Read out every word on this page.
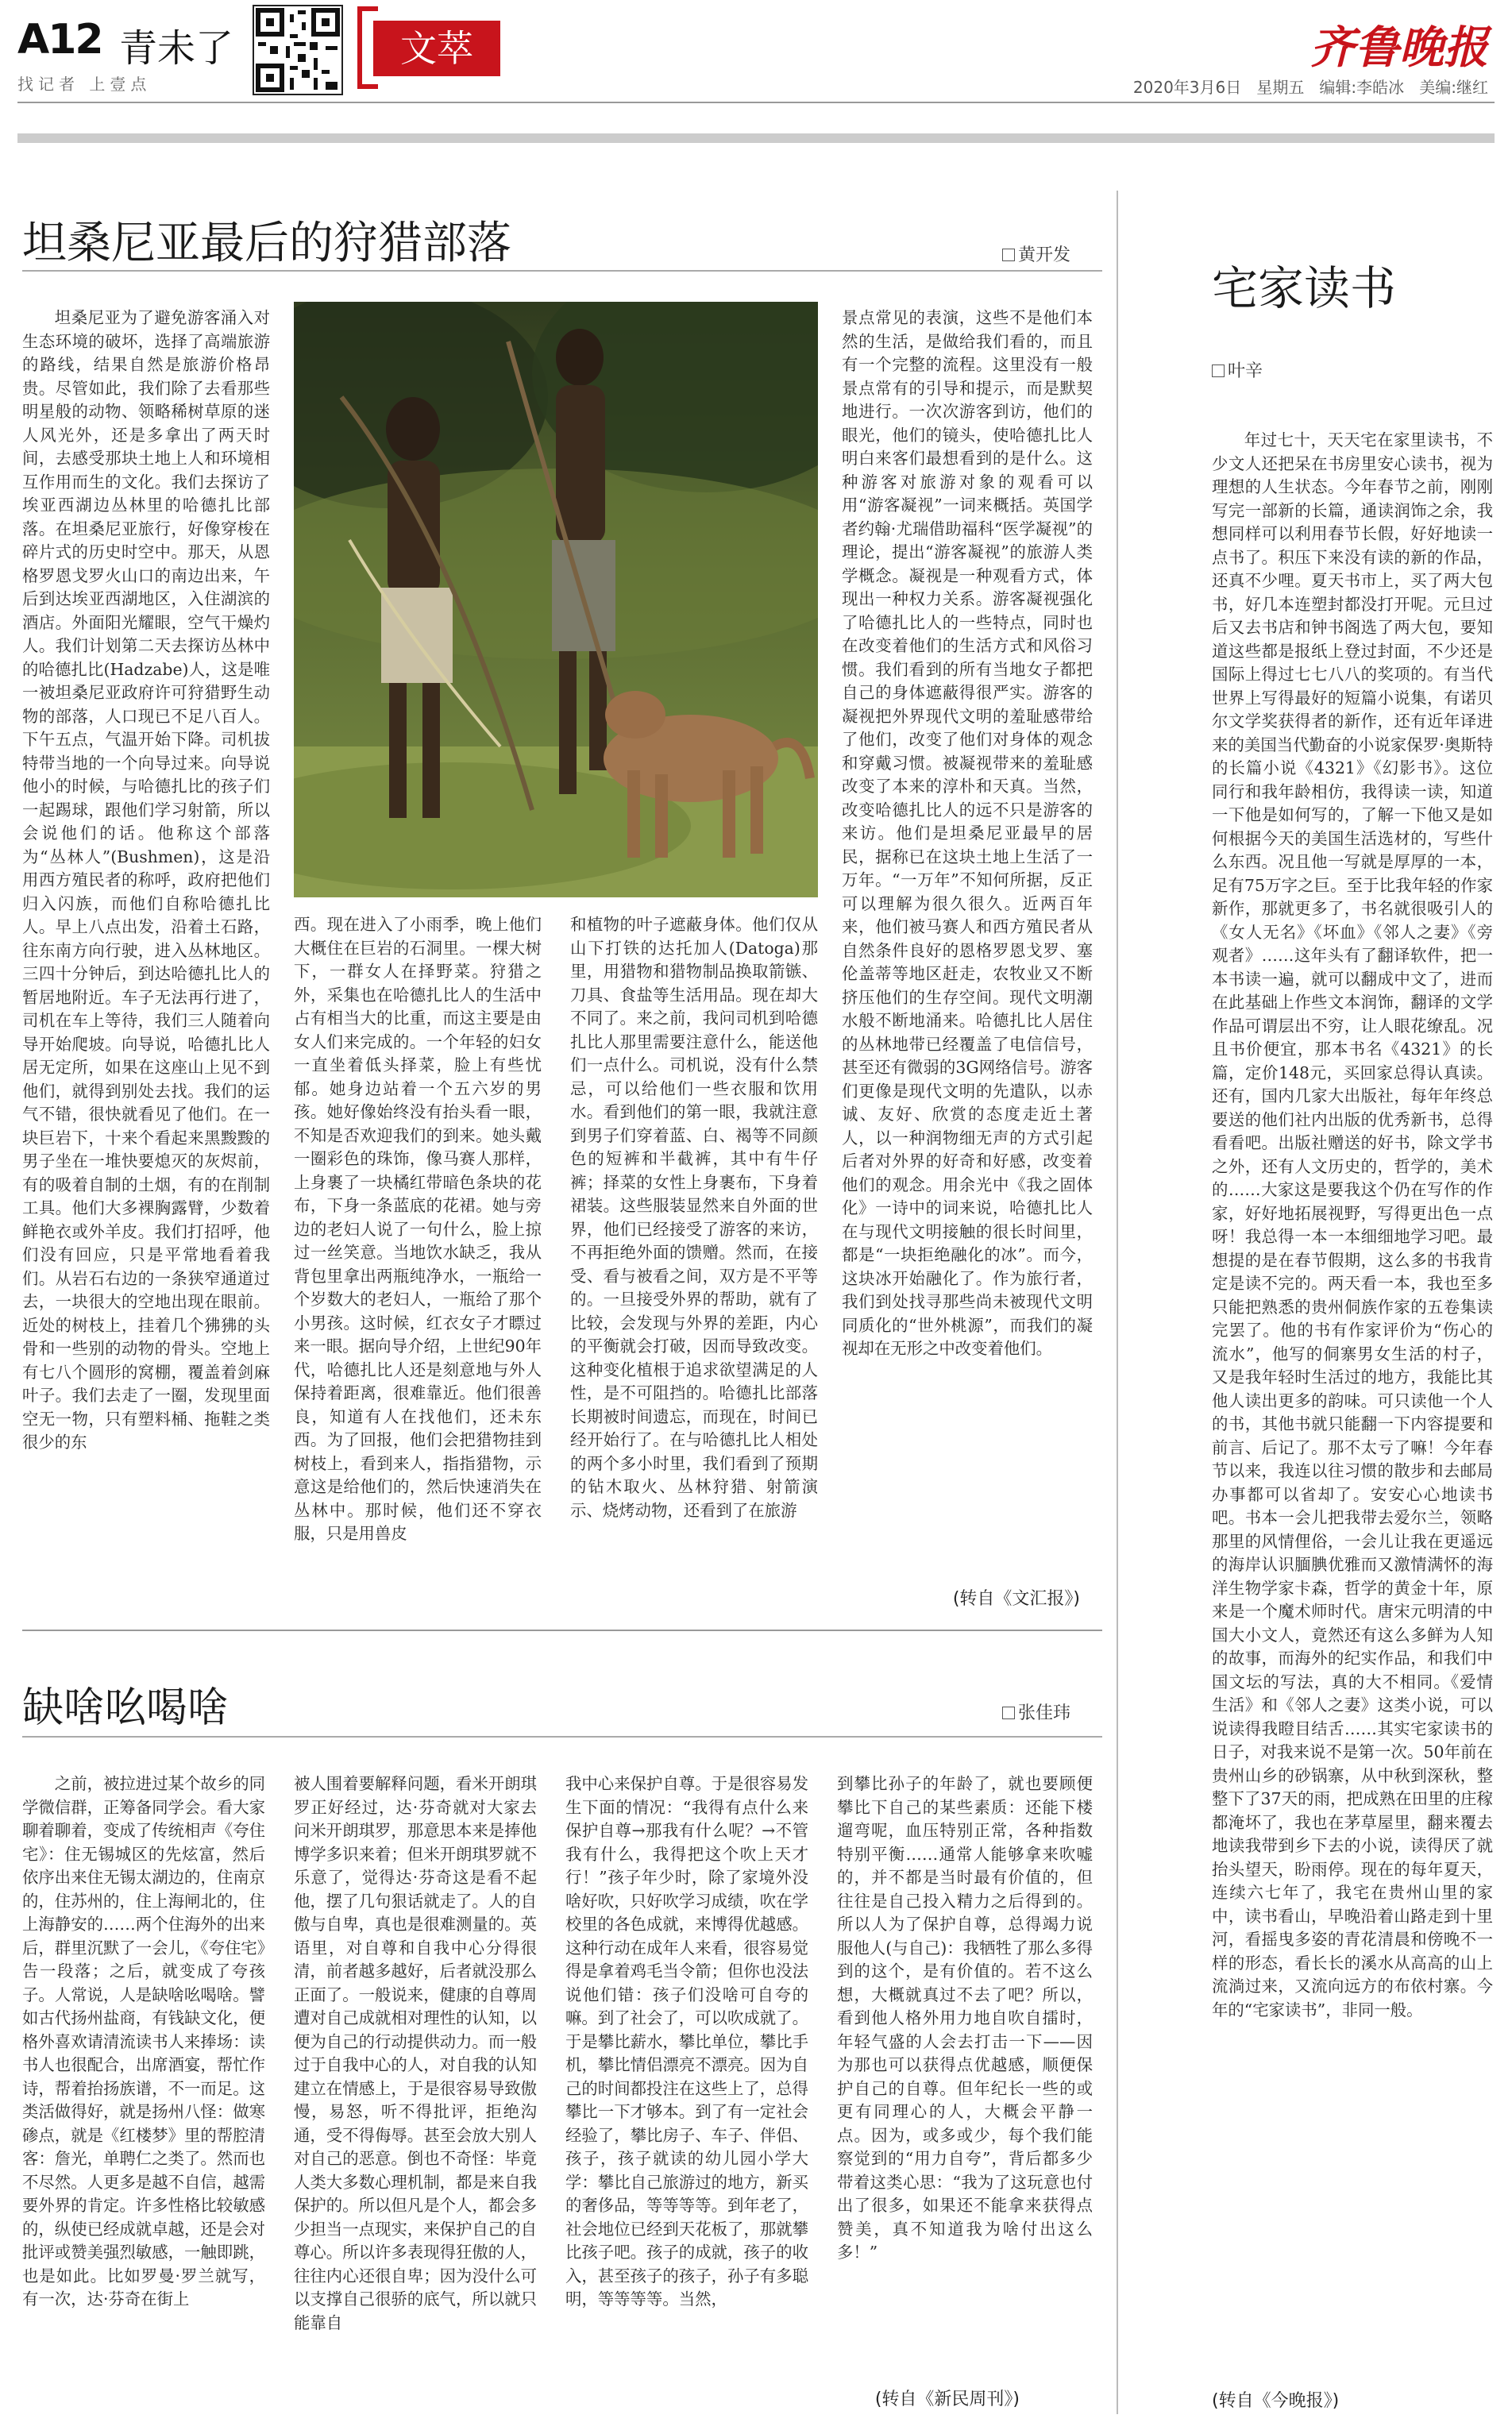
A12 青未了	文萃
找记者 上壹点
齐鲁晚报
2020年3月6日 星期五 编辑:李皓冰 美编:继红
坦桑尼亚最后的狩猎部落	黄开发

坦桑尼亚为了避免游客涌入对生态环境的破坏，选择了高端旅游的路线，结果自然是旅游价格昂贵。尽管如此，我们除了去看那些明星般的动物、领略稀树草原的迷人风光外，还是多拿出了两天时间，去感受那块土地上人和环境相互作用而生的文化。我们去探访了埃亚西湖边丛林里的哈德扎比部落。在坦桑尼亚旅行，好像穿梭在碎片式的历史时空中。那天，从恩格罗恩戈罗火山口的南边出来，午后到达埃亚西湖地区，入住湖滨的酒店。外面阳光耀眼，空气干燥灼人。我们计划第二天去探访丛林中的哈德扎比(Hadzabe)人，这是唯一被坦桑尼亚政府许可狩猎野生动物的部落，人口现已不足八百人。下午五点，气温开始下降。司机拔特带当地的一个向导过来。向导说他小的时候，与哈德扎比的孩子们一起踢球，跟他们学习射箭，所以会说他们的话。他称这个部落为“丛林人”(Bushmen)，这是沿用西方殖民者的称呼，政府把他们归入闪族，而他们自称哈德扎比人。早上八点出发，沿着土石路，往东南方向行驶，进入丛林地区。三四十分钟后，到达哈德扎比人的暂居地附近。车子无法再行进了，司机在车上等待，我们三人随着向导开始爬坡。向导说，哈德扎比人居无定所，如果在这座山上见不到他们，就得到别处去找。我们的运气不错，很快就看见了他们。在一块巨岩下，十来个看起来黑黢黢的男子坐在一堆快要熄灭的灰烬前，有的吸着自制的土烟，有的在削制工具。他们大多裸胸露臂，少数着鲜艳衣或外羊皮。我们打招呼，他们没有回应，只是平常地看着我们。从岩石右边的一条狭窄通道过去，一块很大的空地出现在眼前。近处的树枝上，挂着几个狒狒的头骨和一些别的动物的骨头。空地上有七八个圆形的窝棚，覆盖着剑麻叶子。我们去走了一圈，发现里面空无一物，只有塑料桶、拖鞋之类很少的东

西。现在进入了小雨季，晚上他们大概住在巨岩的石洞里。一棵大树下，一群女人在择野菜。狩猎之外，采集也在哈德扎比人的生活中占有相当大的比重，而这主要是由女人们来完成的。一个年轻的妇女一直坐着低头择菜，脸上有些忧郁。她身边站着一个五六岁的男孩。她好像始终没有抬头看一眼，不知是否欢迎我们的到来。她头戴一圈彩色的珠饰，像马赛人那样，上身裹了一块橘红带暗色条块的花布，下身一条蓝底的花裙。她与旁边的老妇人说了一句什么，脸上掠过一丝笑意。当地饮水缺乏，我从背包里拿出两瓶纯净水，一瓶给一个岁数大的老妇人，一瓶给了那个小男孩。这时候，红衣女子才瞟过来一眼。据向导介绍，上世纪90年代，哈德扎比人还是刻意地与外人保持着距离，很难靠近。他们很善良，知道有人在找他们，还未东西。为了回报，他们会把猎物挂到树枝上，看到来人，指指猎物，示意这是给他们的，然后快速消失在丛林中。那时候，他们还不穿衣服，只是用兽皮

和植物的叶子遮蔽身体。他们仅从山下打铁的达托加人(Datoga)那里，用猎物和猎物制品换取箭镞、刀具、食盐等生活用品。现在却大不同了。来之前，我问司机到哈德扎比人那里需要注意什么，能送他们一点什么。司机说，没有什么禁忌，可以给他们一些衣服和饮用水。看到他们的第一眼，我就注意到男子们穿着蓝、白、褐等不同颜色的短裤和半截裤，其中有牛仔裤；择菜的女性上身裹布，下身着裙装。这些服装显然来自外面的世界，他们已经接受了游客的来访，不再拒绝外面的馈赠。然而，在接受、看与被看之间，双方是不平等的。一旦接受外界的帮助，就有了比较，会发现与外界的差距，内心的平衡就会打破，因而导致改变。这种变化植根于追求欲望满足的人性，是不可阻挡的。哈德扎比部落长期被时间遗忘，而现在，时间已经开始行了。在与哈德扎比人相处的两个多小时里，我们看到了预期的钻木取火、丛林狩猎、射箭演示、烧烤动物，还看到了在旅游

景点常见的表演，这些不是他们本然的生活，是做给我们看的，而且有一个完整的流程。这里没有一般景点常有的引导和提示，而是默契地进行。一次次游客到访，他们的眼光，他们的镜头，使哈德扎比人明白来客们最想看到的是什么。这种游客对旅游对象的观看可以用“游客凝视”一词来概括。英国学者约翰·尤瑞借助福科“医学凝视”的理论，提出“游客凝视”的旅游人类学概念。凝视是一种观看方式，体现出一种权力关系。游客凝视强化了哈德扎比人的一些特点，同时也在改变着他们的生活方式和风俗习惯。我们看到的所有当地女子都把自己的身体遮蔽得很严实。游客的凝视把外界现代文明的羞耻感带给了他们，改变了他们对身体的观念和穿戴习惯。被凝视带来的羞耻感改变了本来的淳朴和天真。当然，改变哈德扎比人的远不只是游客的来访。他们是坦桑尼亚最早的居民，据称已在这块土地上生活了一万年。“一万年”不知何所据，反正可以理解为很久很久。近两百年来，他们被马赛人和西方殖民者从自然条件良好的恩格罗恩戈罗、塞伦盖蒂等地区赶走，农牧业又不断挤压他们的生存空间。现代文明潮水般不断地涌来。哈德扎比人居住的丛林地带已经覆盖了电信信号，甚至还有微弱的3G网络信号。游客们更像是现代文明的先遣队，以赤诚、友好、欣赏的态度走近土著人，以一种润物细无声的方式引起后者对外界的好奇和好感，改变着他们的观念。用余光中《我之固体化》一诗中的词来说，哈德扎比人在与现代文明接触的很长时间里，都是“一块拒绝融化的冰”。而今，这块冰开始融化了。作为旅行者，我们到处找寻那些尚未被现代文明同质化的“世外桃源”，而我们的凝视却在无形之中改变着他们。

(转自《文汇报》)
缺啥吆喝啥	张佳玮

之前，被拉进过某个故乡的同学微信群，正筹备同学会。看大家聊着聊着，变成了传统相声《夸住宅》：住无锡城区的先炫富，然后依序出来住无锡太湖边的，住南京的，住苏州的，住上海闸北的，住上海静安的……两个住海外的出来后，群里沉默了一会儿，《夸住宅》告一段落；之后，就变成了夸孩子。人常说，人是缺啥吆喝啥。譬如古代扬州盐商，有钱缺文化，便格外喜欢请清流读书人来捧场：读书人也很配合，出席酒宴，帮忙作诗，帮着抬扬族谱，不一而足。这类活做得好，就是扬州八怪：做寒碜点，就是《红楼梦》里的帮腔清客：詹光，单聘仁之类了。然而也不尽然。人更多是越不自信，越需要外界的肯定。许多性格比较敏感的，纵使已经成就卓越，还是会对批评或赞美强烈敏感，一触即跳，也是如此。比如罗曼·罗兰就写，有一次，达·芬奇在街上

被人围着要解释问题，看米开朗琪罗正好经过，达·芬奇就对大家去问米开朗琪罗，那意思本来是捧他博学多识来着；但米开朗琪罗就不乐意了，觉得达·芬奇这是看不起他，摆了几句狠话就走了。人的自傲与自卑，真也是很难测量的。英语里，对自尊和自我中心分得很清，前者越多越好，后者就没那么正面了。一般说来，健康的自尊周遭对自己成就相对理性的认知，以便为自己的行动提供动力。而一般过于自我中心的人，对自我的认知建立在情感上，于是很容易导致傲慢，易怒，听不得批评，拒绝沟通，受不得侮辱。甚至会放大别人对自己的恶意。倒也不奇怪：毕竟人类大多数心理机制，都是来自我保护的。所以但凡是个人，都会多少担当一点现实，来保护自己的自尊心。所以许多表现得狂傲的人，往往内心还很自卑；因为没什么可以支撑自己很骄的底气，所以就只能靠自

我中心来保护自尊。于是很容易发生下面的情况：“我得有点什么来保护自尊→那我有什么呢？→不管我有什么，我得把这个吹上天才行！”孩子年少时，除了家境外没啥好吹，只好吹学习成绩，吹在学校里的各色成就，来博得优越感。这种行动在成年人来看，很容易觉得是拿着鸡毛当令箭；但你也没法说他们错：孩子们没啥可自夸的嘛。到了社会了，可以吹成就了。于是攀比薪水，攀比单位，攀比手机，攀比情侣漂亮不漂亮。因为自己的时间都投注在这些上了，总得攀比一下才够本。到了有一定社会经验了，攀比房子、车子、伴侣、孩子，孩子就读的幼儿园小学大学：攀比自己旅游过的地方，新买的奢侈品，等等等等。到年老了，社会地位已经到天花板了，那就攀比孩子吧。孩子的成就，孩子的收入，甚至孩子的孩子，孙子有多聪明，等等等等。当然，

到攀比孙子的年龄了，就也要顾便攀比下自己的某些素质：还能下楼遛弯呢，血压特别正常，各种指数特别平衡……通常人能够拿来吹嘘的，并不都是当时最有价值的，但往往是自己投入精力之后得到的。所以人为了保护自尊，总得竭力说服他人(与自己)：我牺牲了那么多得到的这个，是有价值的。若不这么想，大概就真过不去了吧？所以，看到他人格外用力地自吹自擂时，年轻气盛的人会去打击一下——因为那也可以获得点优越感，顺便保护自己的自尊。但年纪长一些的或更有同理心的人，大概会平静一点。因为，或多或少，每个我们能察觉到的“用力自夸”，背后都多少带着这类心思：“我为了这玩意也付出了很多，如果还不能拿来获得点赞美，真不知道我为啥付出这么多！”

(转自《新民周刊》)
宅家读书
叶辛

年过七十，天天宅在家里读书，不少文人还把呆在书房里安心读书，视为理想的人生状态。今年春节之前，刚刚写完一部新的长篇，通读润饰之余，我想同样可以利用春节长假，好好地读一点书了。积压下来没有读的新的作品，还真不少哩。夏天书市上，买了两大包书，好几本连塑封都没打开呢。元旦过后又去书店和钟书阁选了两大包，要知道这些都是报纸上登过封面，不少还是国际上得过七七八八的奖项的。有当代世界上写得最好的短篇小说集，有诺贝尔文学奖获得者的新作，还有近年译进来的美国当代勤奋的小说家保罗·奥斯特的长篇小说《4321》《幻影书》。这位同行和我年龄相仿，我得读一读，知道一下他是如何写的，了解一下他又是如何根据今天的美国生活选材的，写些什么东西。况且他一写就是厚厚的一本，足有75万字之巨。至于比我年轻的作家新作，那就更多了，书名就很吸引人的《女人无名》《坏血》《邻人之妻》《旁观者》……这年头有了翻译软件，把一本书读一遍，就可以翻成中文了，进而在此基础上作些文本润饰，翻译的文学作品可谓层出不穷，让人眼花缭乱。况且书价便宜，那本书名《4321》的长篇，定价148元，买回家总得认真读。还有，国内几家大出版社，每年年终总要送的他们社内出版的优秀新书，总得看看吧。出版社赠送的好书，除文学书之外，还有人文历史的，哲学的，美术的……大家这是要我这个仍在写作的作家，好好地拓展视野，写得更出色一点呀！我总得一本一本细细地学习吧。最想提的是在春节假期，这么多的书我肯定是读不完的。两天看一本，我也至多只能把熟悉的贵州侗族作家的五卷集读完罢了。他的书有作家评价为“伤心的流水”，他写的侗寨男女生活的村子，又是我年轻时生活过的地方，我能比其他人读出更多的韵味。可只读他一个人的书，其他书就只能翻一下内容提要和前言、后记了。那不太亏了嘛！今年春节以来，我连以往习惯的散步和去邮局办事都可以省却了。安安心心地读书吧。书本一会儿把我带去爱尔兰，领略那里的风情俚俗，一会儿让我在更遥远的海岸认识腼腆优雅而又激情满怀的海洋生物学家卡森，哲学的黄金十年，原来是一个魔术师时代。唐宋元明清的中国大小文人，竟然还有这么多鲜为人知的故事，而海外的纪实作品，和我们中国文坛的写法，真的大不相同。《爱情生活》和《邻人之妻》这类小说，可以说读得我瞪目结舌……其实宅家读书的日子，对我来说不是第一次。50年前在贵州山乡的砂锅寨，从中秋到深秋，整整下了37天的雨，把成熟在田里的庄稼都淹坏了，我也在茅草屋里，翻来覆去地读我带到乡下去的小说，读得厌了就抬头望天，盼雨停。现在的每年夏天，连续六七年了，我宅在贵州山里的家中，读书看山，早晚沿着山路走到十里河，看摇曳多姿的青花清晨和傍晚不一样的形态，看长长的溪水从高高的山上流淌过来，又流向远方的布依村寨。今年的“宅家读书”，非同一般。

(转自《今晚报》)
